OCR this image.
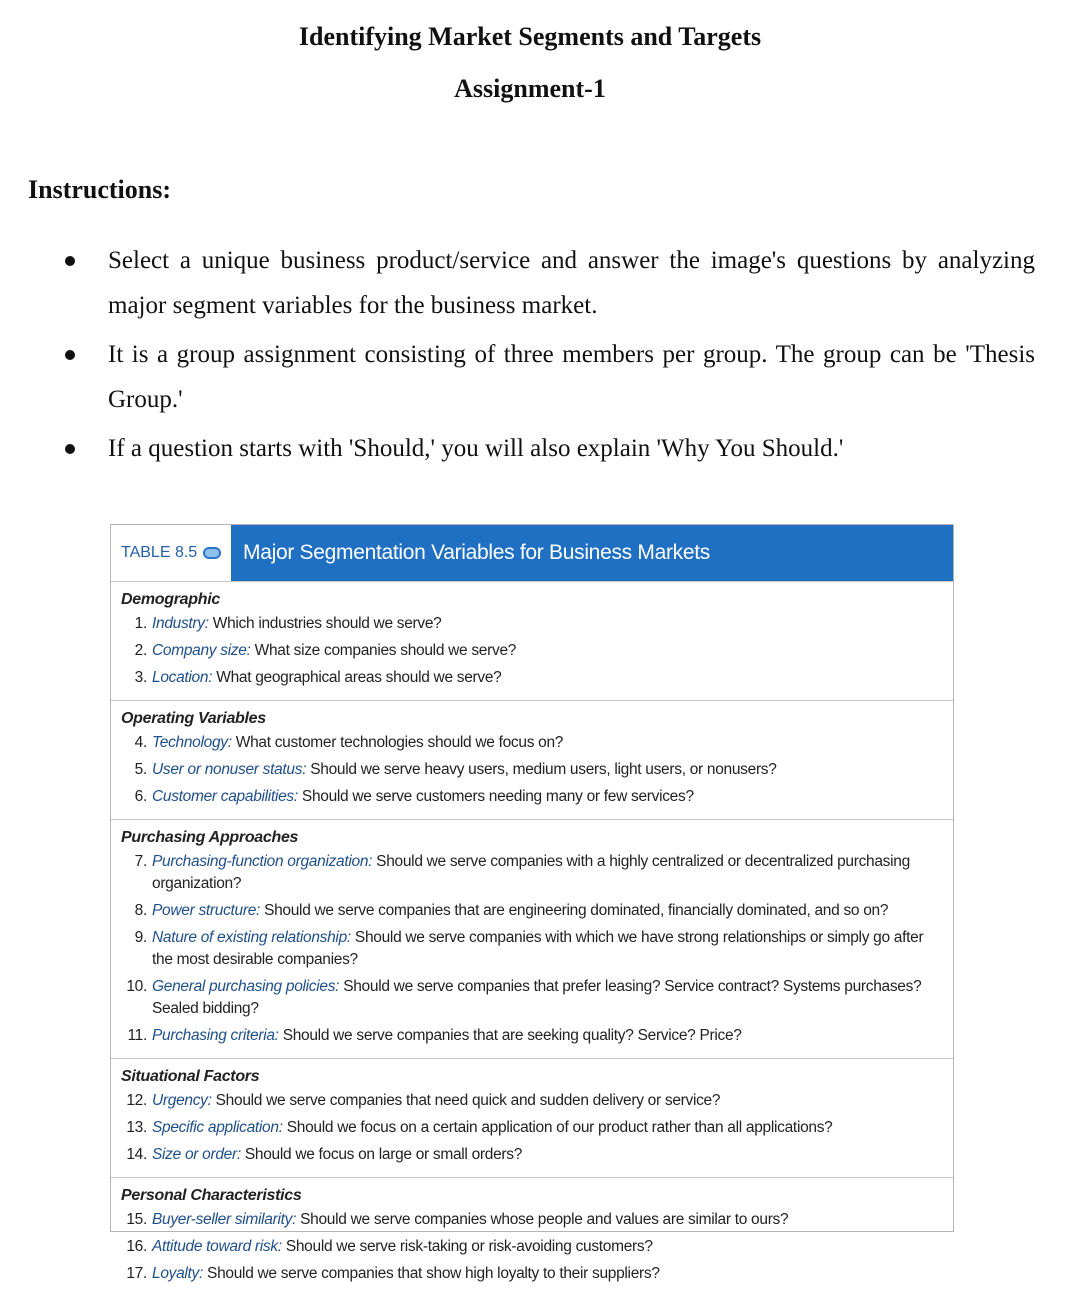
Identifying Market Segments and Targets
Assignment-1
Instructions:
Select a unique business product/service and answer the image's questions by analyzing major segment variables for the business market.
It is a group assignment consisting of three members per group. The group can be 'Thesis Group.'
If a question starts with 'Should,' you will also explain 'Why You Should.'
TABLE 8.5	Major Segmentation Variables for Business Markets
Demographic
1. Industry: Which industries should we serve?
2. Company size: What size companies should we serve?
3. Location: What geographical areas should we serve?
Operating Variables
4. Technology: What customer technologies should we focus on?
5. User or nonuser status: Should we serve heavy users, medium users, light users, or nonusers?
6. Customer capabilities: Should we serve customers needing many or few services?
Purchasing Approaches
7. Purchasing-function organization: Should we serve companies with a highly centralized or decentralized purchasing organization?
8. Power structure: Should we serve companies that are engineering dominated, financially dominated, and so on?
9. Nature of existing relationship: Should we serve companies with which we have strong relationships or simply go after the most desirable companies?
10. General purchasing policies: Should we serve companies that prefer leasing? Service contract? Systems purchases? Sealed bidding?
11. Purchasing criteria: Should we serve companies that are seeking quality? Service? Price?
Situational Factors
12. Urgency: Should we serve companies that need quick and sudden delivery or service?
13. Specific application: Should we focus on a certain application of our product rather than all applications?
14. Size or order: Should we focus on large or small orders?
Personal Characteristics
15. Buyer-seller similarity: Should we serve companies whose people and values are similar to ours?
16. Attitude toward risk: Should we serve risk-taking or risk-avoiding customers?
17. Loyalty: Should we serve companies that show high loyalty to their suppliers?
